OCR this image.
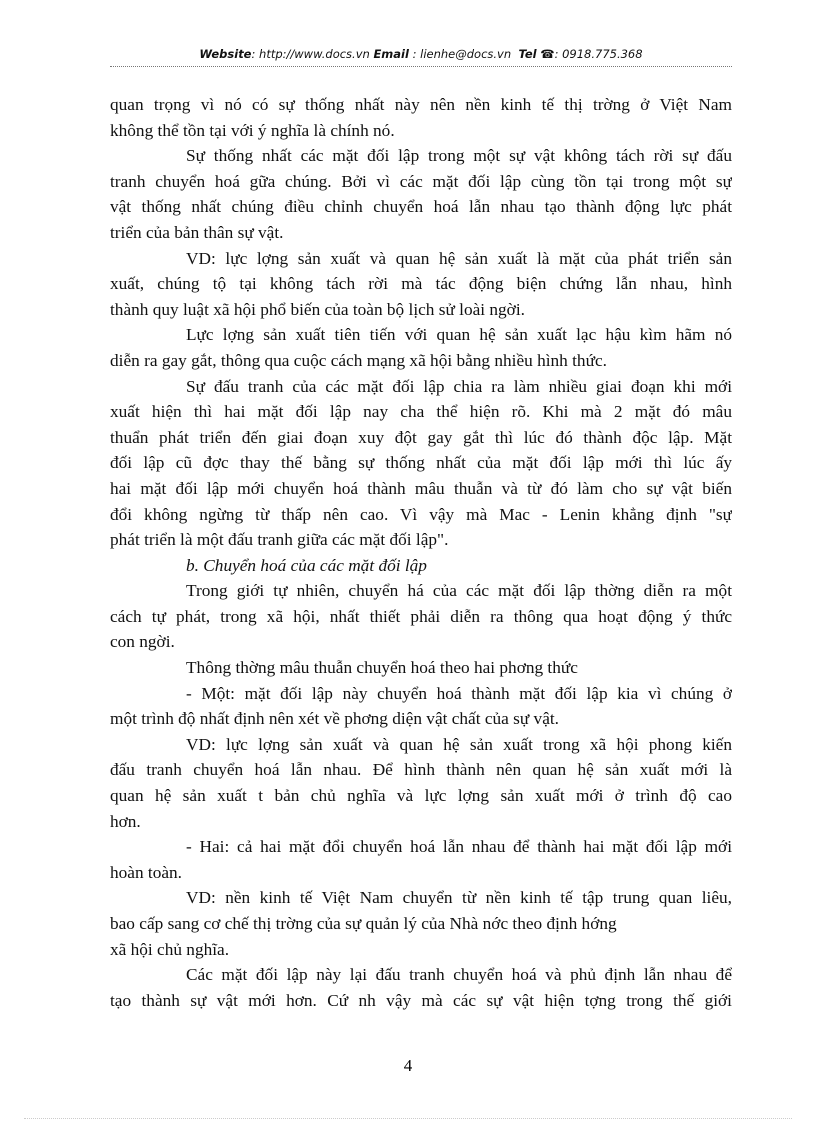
Website: http://www.docs.vn Email : lienhe@docs.vn Tel ☎: 0918.775.368
quan trọng vì nó có sự thống nhất này nên nền kinh tế thị trờng ở Việt Nam
không thể tồn tại với ý nghĩa là chính nó.
Sự thống nhất các mặt đối lập trong một sự vật không tách rời sự đấu
tranh chuyển hoá gữa chúng. Bởi vì các mặt đối lập cùng tồn tại trong một sự
vật thống nhất chúng điều chỉnh chuyển hoá lẫn nhau tạo thành động lực phát
triển của bản thân sự vật.
VD: lực lợng sản xuất và quan hệ sản xuất là mặt của phát triển sản
xuất, chúng tộ tại không tách rời mà tác động biện chứng lẫn nhau, hình
thành quy luật xã hội phổ biến của toàn bộ lịch sử loài ngời.
Lực lợng sản xuất tiên tiến với quan hệ sản xuất lạc hậu kìm hãm nó
diễn ra gay gắt, thông qua cuộc cách mạng xã hội bằng nhiều hình thức.
Sự đấu tranh của các mặt đối lập chia ra làm nhiều giai đoạn khi mới
xuất hiện thì hai mặt đối lập nay cha thể hiện rõ. Khi mà 2 mặt đó mâu
thuẩn phát triển đến giai đoạn xuy đột gay gắt thì lúc đó thành độc lập. Mặt
đối lập cũ đợc thay thế bằng sự thống nhất của mặt đối lập mới thì lúc ấy
hai mặt đối lập mới chuyển hoá thành mâu thuẫn và từ đó làm cho sự vật biến
đổi không ngừng từ thấp nên cao. Vì vậy mà Mac - Lenin khẳng định "sự
phát triển là một đấu tranh giữa các mặt đối lập".
b. Chuyển hoá của các mặt đối lập
Trong giới tự nhiên, chuyển há của các mặt đối lập thờng diễn ra một
cách tự phát, trong xã hội, nhất thiết phải diễn ra thông qua hoạt động ý thức
con ngời.
Thông thờng mâu thuẫn chuyển hoá theo hai phơng thức
- Một: mặt đối lập này chuyển hoá thành mặt đối lập kia vì chúng ở
một trình độ nhất định nên xét về phơng diện vật chất của sự vật.
VD: lực lợng sản xuất và quan hệ sản xuất trong xã hội phong kiến
đấu tranh chuyển hoá lẫn nhau. Để hình thành nên quan hệ sản xuất mới là
quan hệ sản xuất t bản chủ nghĩa và lực lợng sản xuất mới ở trình độ cao
hơn.
- Hai: cả hai mặt đổi chuyển hoá lẫn nhau để thành hai mặt đối lập mới
hoàn toàn.
VD: nền kinh tế Việt Nam chuyển từ nền kinh tế tập trung quan liêu,
bao cấp sang cơ chế thị trờng của sự quản lý của Nhà nớc theo định hớng
xã hội chủ nghĩa.
Các mặt đối lập này lại đấu tranh chuyển hoá và phủ định lẫn nhau để
tạo thành sự vật mới hơn. Cứ nh vậy mà các sự vật hiện tợng trong thế giới
4
